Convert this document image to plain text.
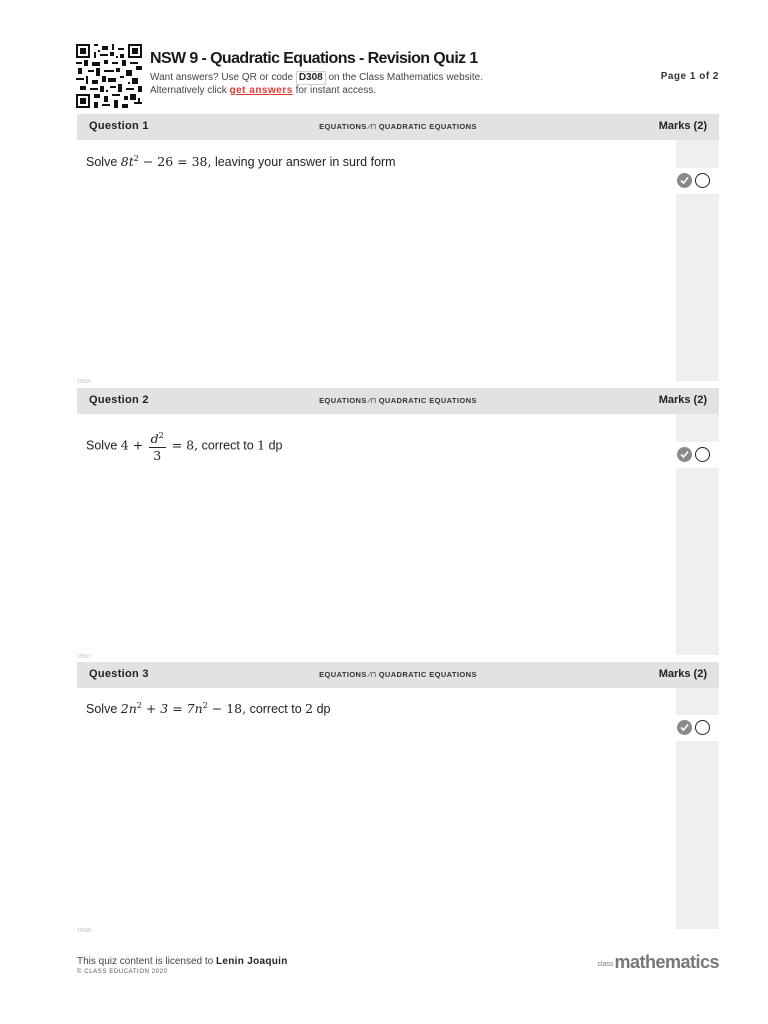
NSW 9 - Quadratic Equations - Revision Quiz 1
Want answers? Use QR or code D308 on the Class Mathematics website.
Alternatively click get answers for instant access.
Page 1 of 2
Question 1	EQUATIONS ⁄⊓ QUADRATIC EQUATIONS	Marks (2)
Solve $8t^2 - 26 = 38$, leaving your answer in surd form
15566
Question 2	EQUATIONS ⁄⊓ QUADRATIC EQUATIONS	Marks (2)
Solve $4 + \frac{d^2}{3} = 8$, correct to 1 dp
15567
Question 3	EQUATIONS ⁄⊓ QUADRATIC EQUATIONS	Marks (2)
Solve $2n^2 + 3 = 7n^2 - 18$, correct to 2 dp
15568
This quiz content is licensed to Lenin Joaquin
© CLASS EDUCATION 2020
classmathematics
